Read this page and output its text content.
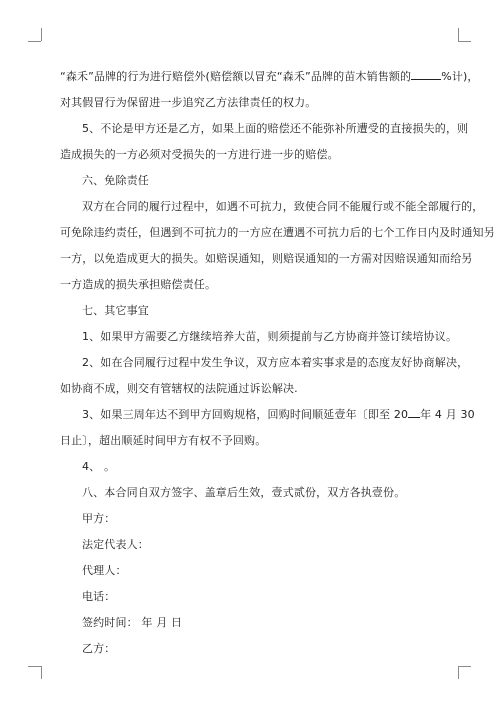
“森禾”品牌的行为进行赔偿外(赔偿额以冒充“森禾”品牌的苗木销售额的	%计)，
对其假冒行为保留进一步追究乙方法律责任的权力。
5、不论是甲方还是乙方，如果上面的赔偿还不能弥补所遭受的直接损失的，则
造成损失的一方必须对受损失的一方进行进一步的赔偿。
六、免除责任
双方在合同的履行过程中，如遇不可抗力，致使合同不能履行或不能全部履行的，
可免除违约责任，但遇到不可抗力的一方应在遭遇不可抗力后的七个工作日内及时通知另
一方，以免造成更大的损失。如赔误通知，则赔误通知的一方需对因赔误通知而给另
一方造成的损失承担赔偿责任。
七、其它事宜
1、如果甲方需要乙方继续培养大苗，则须提前与乙方协商并签订续培协议。
2、如在合同履行过程中发生争议，双方应本着实事求是的态度友好协商解决，
如协商不成，则交有管辖权的法院通过诉讼解决.
3、如果三周年达不到甲方回购规格，回购时间顺延壹年〔即至 20 年 4 月 30
日止〕，超出顺延时间甲方有权不予回购。
4、 。
八、本合同自双方签字、盖章后生效，壹式贰份，双方各执壹份。
甲方：
法定代表人：
代理人：
电话：
签约时间： 年 月 日
乙方：
